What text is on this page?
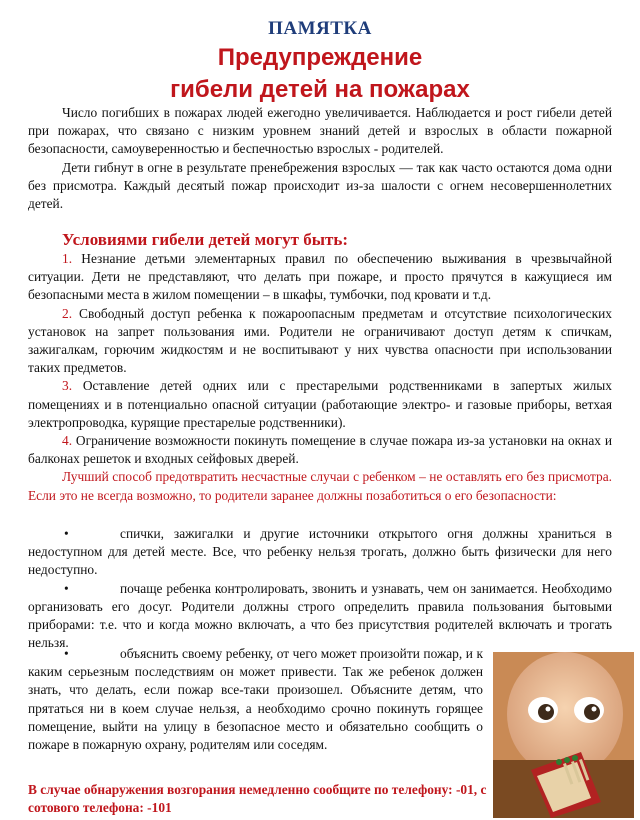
ПАМЯТКА
Предупреждение
гибели детей на пожарах

Число погибших в пожарах людей ежегодно увеличивается. Наблюдается и рост гибели детей при пожарах, что связано с низким уровнем знаний детей и взрослых в области пожарной безопасности, самоуверенностью и беспечностью взрослых - родителей.

Дети гибнут в огне в результате пренебрежения взрослых — так как часто остаются дома одни без присмотра. Каждый десятый пожар происходит из-за шалости с огнем несовершеннолетних детей.

Условиями гибели детей могут быть:

1. Незнание детьми элементарных правил по обеспечению выживания в чрезвычайной ситуации. Дети не представляют, что делать при пожаре, и просто прячутся в кажущиеся им безопасными места в жилом помещении – в шкафы, тумбочки, под кровати и т.д.

2. Свободный доступ ребенка к пожароопасным предметам и отсутствие психологических установок на запрет пользования ими. Родители не ограничивают доступ детям к спичкам, зажигалкам, горючим жидкостям и не воспитывают у них чувства опасности при использовании таких предметов.

3. Оставление детей одних или с престарелыми родственниками в запертых жилых помещениях и в потенциально опасной ситуации (работающие электро- и газовые приборы, ветхая электропроводка, курящие престарелые родственники).

4. Ограничение возможности покинуть помещение в случае пожара из-за установки на окнах и балконах решеток и входных сейфовых дверей.

Лучший способ предотвратить несчастные случаи с ребенком – не оставлять его без присмотра. Если это не всегда возможно, то родители заранее должны позаботиться о его безопасности:

•	спички, зажигалки и другие источники открытого огня должны храниться в недоступном для детей месте. Все, что ребенку нельзя трогать, должно быть физически для него недоступно.

•	почаще ребенка контролировать, звонить и узнавать, чем он занимается. Необходимо организовать его досуг. Родители должны строго определить правила пользования бытовыми приборами: т.е. что и когда можно включать, а что без присутствия родителей включать и трогать нельзя.

•	объяснить своему ребенку, от чего может произойти пожар, и к каким серьезным последствиям он может привести. Так же ребенок должен знать, что делать, если пожар все-таки произошел. Объясните детям, что прятаться ни в коем случае нельзя, а необходимо срочно покинуть горящее помещение, выйти на улицу в безопасное место и обязательно сообщить о пожаре в пожарную охрану, родителям или соседям.

В случае обнаружения возгорания немедленно сообщите по телефону: -01, с сотового телефона: -101
